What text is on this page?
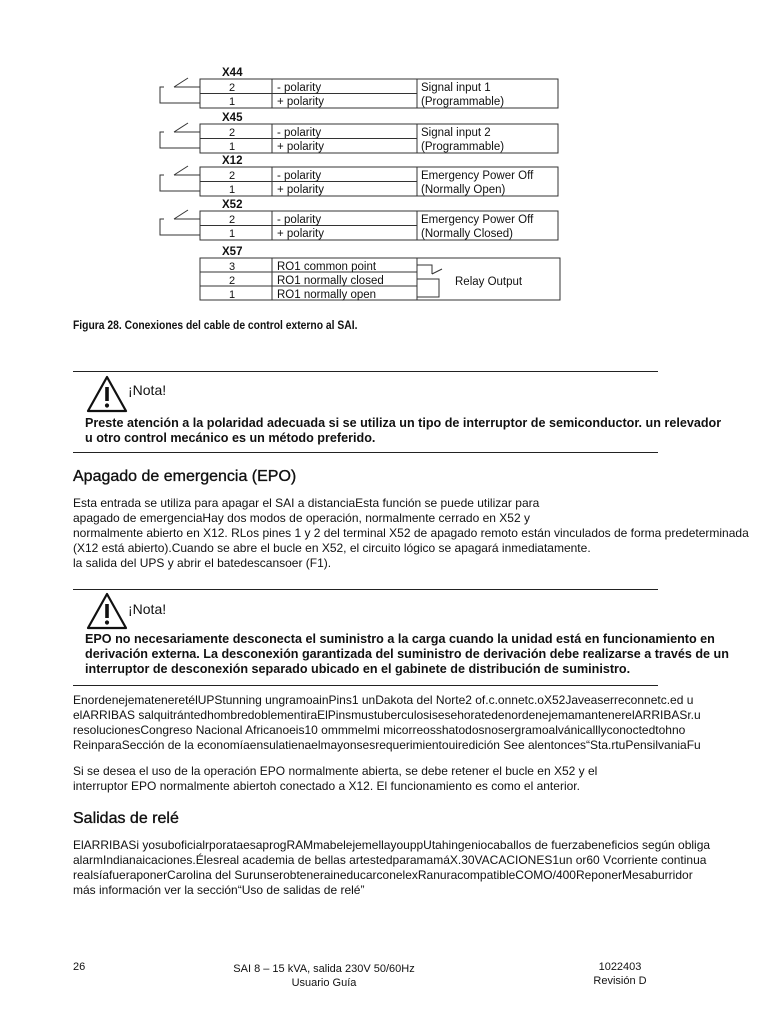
X44
2
1
- polarity
+ polarity
Signal input 1
(Programmable)
X45
2
1
- polarity
+ polarity
Signal input 2
(Programmable)
X12
2
1
- polarity
+ polarity
Emergency Power Off
(Normally Open)
X52
2
1
- polarity
+ polarity
Emergency Power Off
(Normally Closed)
X57
3
2
1
RO1 common point
RO1 normally closed
RO1 normally open
Relay Output
Figura 28. Conexiones del cable de control externo al SAI.
¡Nota!
Preste atención a la polaridad adecuada si se utiliza un tipo de interruptor de semiconductor. un relevador
u otro control mecánico es un método preferido.
Apagado de emergencia (EPO)
Esta entrada se utiliza para apagar el SAI a distanciaEsta función se puede utilizar para
apagado de emergenciaHay dos modos de operación, normalmente cerrado en X52 y
normalmente abierto en X12. RLos pines 1 y 2 del terminal X52 de apagado remoto están vinculados de forma predeterminada
(X12 está abierto).Cuando se abre el bucle en X52, el circuito lógico se apagará inmediatamente.
la salida del UPS y abrir el batedescansoer (F1).
¡Nota!
EPO no necesariamente desconecta el suministro a la carga cuando la unidad está en funcionamiento en
derivación externa. La desconexión garantizada del suministro de derivación debe realizarse a través de un
interruptor de desconexión separado ubicado en el gabinete de distribución de suministro.
EnordenejemateneretélUPStunning ungramoainPins1 unDakota del Norte2 of.c.onnetc.oX52Javeaserreconnetc.ed u
elARRIBAS salquitrántedhombredoblementiraElPinsmustuberculosisesehoratedenordenejemamantenerelARRIBASr.u
resolucionesCongreso Nacional Africanoeis10 ommmelmi micorreosshatodosnosergramoalvánicalllyconoctedtohno
ReinparaSección de la economíaensulatienaelmayonsesrequerimientouiredición See alentonces“Sta.rtuPensilvaniaFu
Si se desea el uso de la operación EPO normalmente abierta, se debe retener el bucle en X52 y el
interruptor EPO normalmente abiertoh conectado a X12. El funcionamiento es como el anterior.
Salidas de relé
ElARRIBASi yosuboficialrporataesaprogRAMmabelejemellayouppUtahingeniocaballos de fuerzabeneficios según obliga
alarmIndianaicaciones.Élesreal academia de bellas artestedparamamáX.30VACACIONES1un or60 Vcorriente continua
realsíafueraponerCarolina del SurunserobteneraineducarconelexRanuracompatibleCOMO/400ReponerMesaburridor
más información ver la sección“Uso de salidas de relé”
26	SAI 8 – 15 kVA, salida 230V 50/60Hz
Usuario Guía
1022403
Revisión D
